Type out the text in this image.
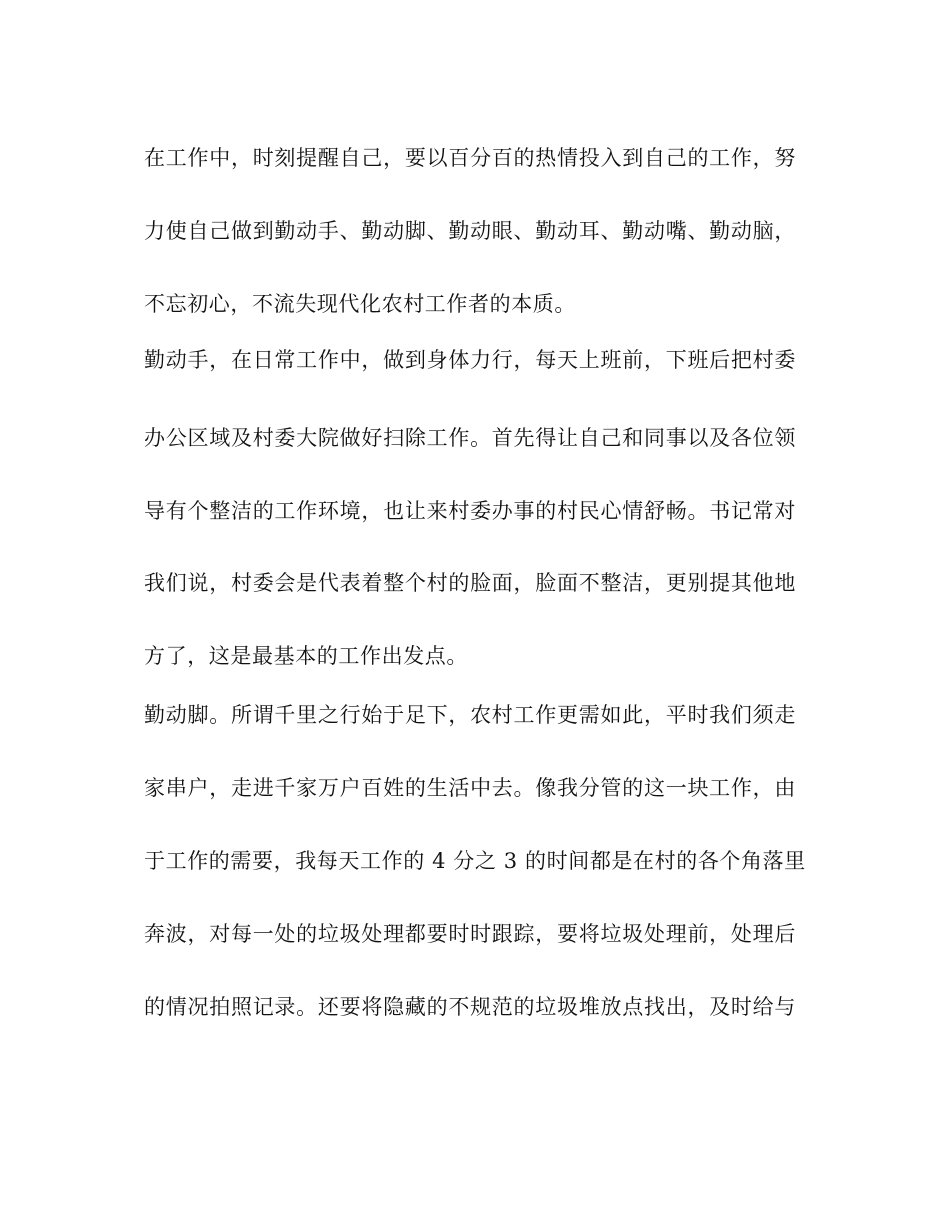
在工作中，时刻提醒自己，要以百分百的热情投入到自己的工作，努
力使自己做到勤动手、勤动脚、勤动眼、勤动耳、勤动嘴、勤动脑，
不忘初心，不流失现代化农村工作者的本质。
勤动手，在日常工作中，做到身体力行，每天上班前，下班后把村委
办公区域及村委大院做好扫除工作。首先得让自己和同事以及各位领
导有个整洁的工作环境，也让来村委办事的村民心情舒畅。书记常对
我们说，村委会是代表着整个村的脸面，脸面不整洁，更别提其他地
方了，这是最基本的工作出发点。
勤动脚。所谓千里之行始于足下，农村工作更需如此，平时我们须走
家串户，走进千家万户百姓的生活中去。像我分管的这一块工作，由
于工作的需要，我每天工作的 4 分之 3 的时间都是在村的各个角落里
奔波，对每一处的垃圾处理都要时时跟踪，要将垃圾处理前，处理后
的情况拍照记录。还要将隐藏的不规范的垃圾堆放点找出，及时给与
